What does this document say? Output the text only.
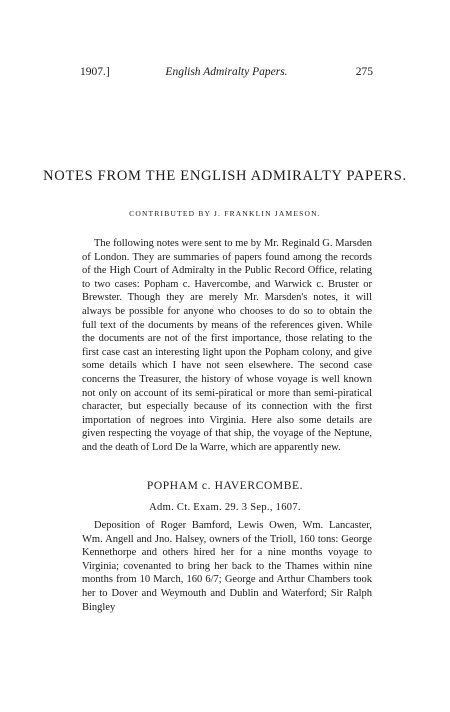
1907.]	English Admiralty Papers.	275
NOTES FROM THE ENGLISH ADMIRALTY PAPERS.
CONTRIBUTED BY J. FRANKLIN JAMESON.

The following notes were sent to me by Mr. Reginald G. Marsden of London. They are summaries of papers found among the records of the High Court of Admiralty in the Public Record Office, relating to two cases: Popham c. Havercombe, and Warwick c. Bruster or Brewster. Though they are merely Mr. Marsden's notes, it will always be possible for anyone who chooses to do so to obtain the full text of the documents by means of the references given. While the documents are not of the first importance, those relating to the first case cast an interesting light upon the Popham colony, and give some details which I have not seen elsewhere. The second case concerns the Treasurer, the history of whose voyage is well known not only on account of its semi-piratical or more than semi-piratical character, but especially because of its connection with the first importation of negroes into Virginia. Here also some details are given respecting the voyage of that ship, the voyage of the Neptune, and the death of Lord De la Warre, which are apparently new.

POPHAM c. HAVERCOMBE.
Adm. Ct. Exam. 29. 3 Sep., 1607.

Deposition of Roger Bamford, Lewis Owen, Wm. Lancaster, Wm. Angell and Jno. Halsey, owners of the Trioll, 160 tons: George Kennethorpe and others hired her for a nine months voyage to Virginia; covenanted to bring her back to the Thames within nine months from 10 March, 160 6/7; George and Arthur Chambers took her to Dover and Weymouth and Dublin and Waterford; Sir Ralph Bingley
